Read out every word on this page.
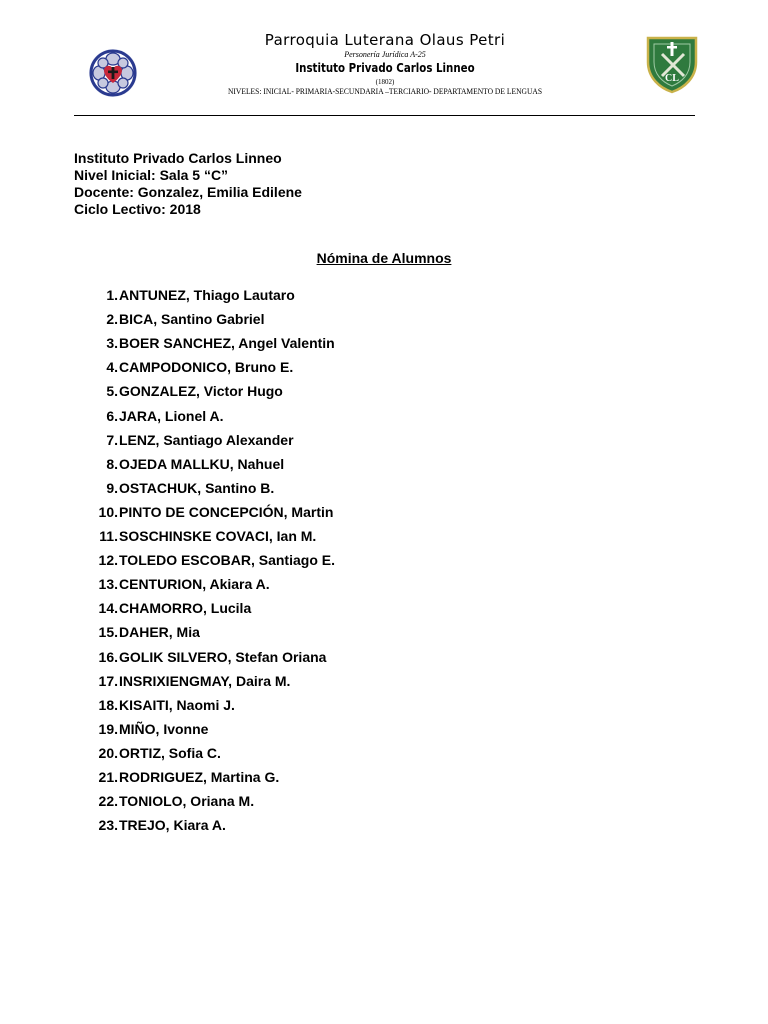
Parroquia Luterana Olaus Petri
Personería Jurídica A-25
Instituto Privado Carlos Linneo
(1802)
NIVELES: INICIAL- PRIMARIA-SECUNDARIA –TERCIARIO- DEPARTAMENTO DE LENGUAS
CL
Instituto Privado Carlos Linneo
Nivel Inicial: Sala 5 “C”
Docente: Gonzalez, Emilia Edilene
Ciclo Lectivo: 2018
Nómina de Alumnos
1. ANTUNEZ, Thiago Lautaro
2. BICA, Santino Gabriel
3. BOER SANCHEZ, Angel Valentin
4. CAMPODONICO, Bruno E.
5. GONZALEZ, Victor Hugo
6. JARA, Lionel A.
7. LENZ, Santiago Alexander
8. OJEDA MALLKU, Nahuel
9. OSTACHUK, Santino B.
10. PINTO DE CONCEPCIÓN, Martin
11. SOSCHINSKE COVACI, Ian M.
12. TOLEDO ESCOBAR, Santiago E.
13. CENTURION, Akiara A.
14. CHAMORRO, Lucila
15. DAHER, Mia
16. GOLIK SILVERO, Stefan Oriana
17. INSRIXIENGMAY, Daira M.
18. KISAITI, Naomi J.
19. MIÑO, Ivonne
20. ORTIZ, Sofia C.
21. RODRIGUEZ, Martina G.
22. TONIOLO, Oriana M.
23. TREJO, Kiara A.
